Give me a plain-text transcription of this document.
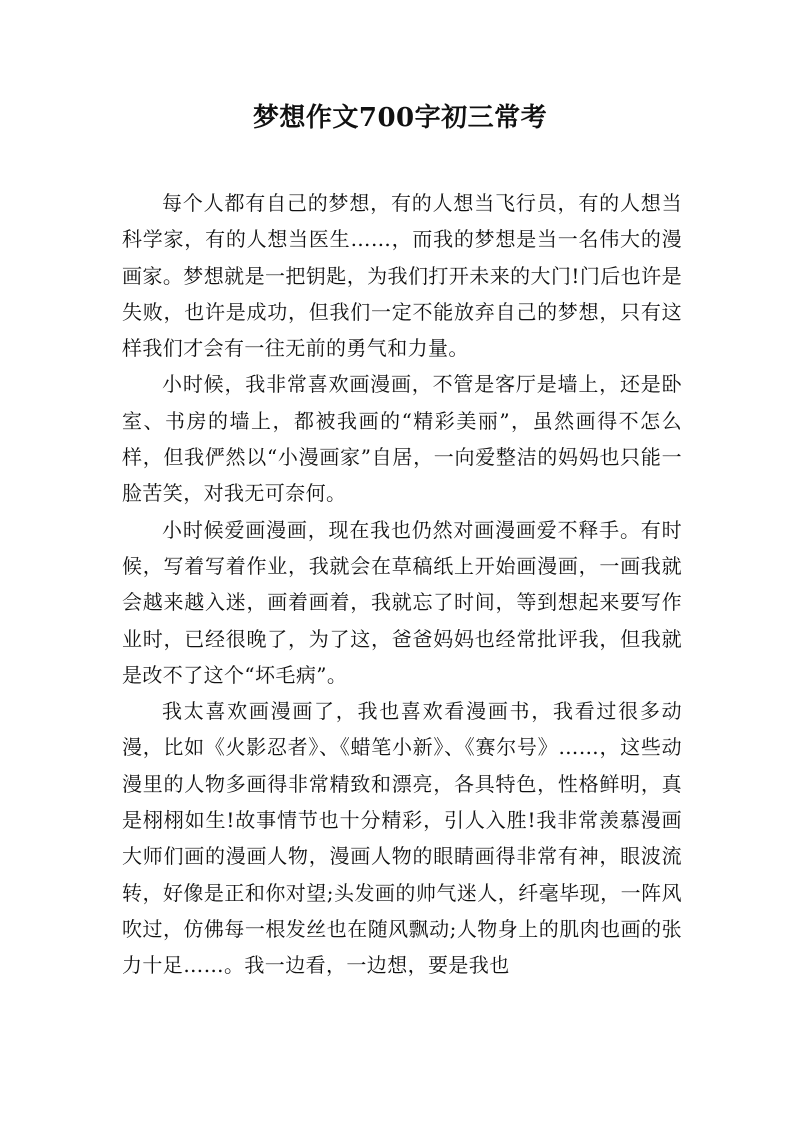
梦想作文700字初三常考

每个人都有自己的梦想，有的人想当飞行员，有的人想当科学家，有的人想当医生……，而我的梦想是当一名伟大的漫画家。梦想就是一把钥匙，为我们打开未来的大门!门后也许是失败，也许是成功，但我们一定不能放弃自己的梦想，只有这样我们才会有一往无前的勇气和力量。

小时候，我非常喜欢画漫画，不管是客厅是墙上，还是卧室、书房的墙上，都被我画的“精彩美丽”，虽然画得不怎么样，但我俨然以“小漫画家”自居，一向爱整洁的妈妈也只能一脸苦笑，对我无可奈何。

小时候爱画漫画，现在我也仍然对画漫画爱不释手。有时候，写着写着作业，我就会在草稿纸上开始画漫画，一画我就会越来越入迷，画着画着，我就忘了时间，等到想起来要写作业时，已经很晚了，为了这，爸爸妈妈也经常批评我，但我就是改不了这个“坏毛病”。

我太喜欢画漫画了，我也喜欢看漫画书，我看过很多动漫，比如《火影忍者》、《蜡笔小新》、《赛尔号》……，这些动漫里的人物多画得非常精致和漂亮，各具特色，性格鲜明，真是栩栩如生!故事情节也十分精彩，引人入胜!我非常羡慕漫画大师们画的漫画人物，漫画人物的眼睛画得非常有神，眼波流转，好像是正和你对望;头发画的帅气迷人，纤毫毕现，一阵风吹过，仿佛每一根发丝也在随风飘动;人物身上的肌肉也画的张力十足……。我一边看，一边想，要是我也
